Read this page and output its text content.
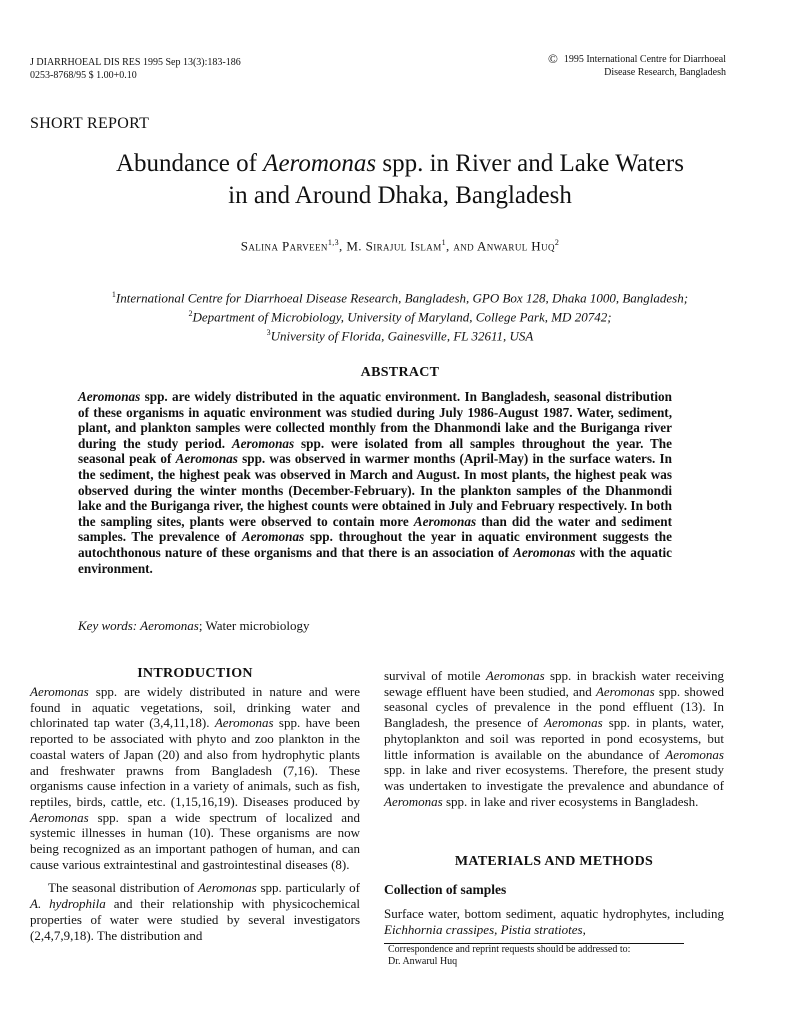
J DIARRHOEAL DIS RES 1995 Sep 13(3):183-186
0253-8768/95 $ 1.00+0.10
© 1995 International Centre for Diarrhoeal
Disease Research, Bangladesh
SHORT REPORT
Abundance of Aeromonas spp. in River and Lake Waters
in and Around Dhaka, Bangladesh
Salina Parveen$^{1,3}$, M. Sirajul Islam$^1$, and Anwarul Huq$^2$
$^1$International Centre for Diarrhoeal Disease Research, Bangladesh, GPO Box 128, Dhaka 1000, Bangladesh;
$^2$Department of Microbiology, University of Maryland, College Park, MD 20742;
$^3$University of Florida, Gainesville, FL 32611, USA
ABSTRACT
Aeromonas spp. are widely distributed in the aquatic environment. In Bangladesh, seasonal distribution of these organisms in aquatic environment was studied during July 1986-August 1987. Water, sediment, plant, and plankton samples were collected monthly from the Dhanmondi lake and the Buriganga river during the study period. Aeromonas spp. were isolated from all samples throughout the year. The seasonal peak of Aeromonas spp. was observed in warmer months (April-May) in the surface waters. In the sediment, the highest peak was observed in March and August. In most plants, the highest peak was observed during the winter months (December-February). In the plankton samples of the Dhanmondi lake and the Buriganga river, the highest counts were obtained in July and February respectively. In both the sampling sites, plants were observed to contain more Aeromonas than did the water and sediment samples. The prevalence of Aeromonas spp. throughout the year in aquatic environment suggests the autochthonous nature of these organisms and that there is an association of Aeromonas with the aquatic environment.
Key words: Aeromonas; Water microbiology
INTRODUCTION

Aeromonas spp. are widely distributed in nature and were found in aquatic vegetations, soil, drinking water and chlorinated tap water (3,4,11,18). Aeromonas spp. have been reported to be associated with phyto and zoo plankton in the coastal waters of Japan (20) and also from hydrophytic plants and freshwater prawns from Bangladesh (7,16). These organisms cause infection in a variety of animals, such as fish, reptiles, birds, cattle, etc. (1,15,16,19). Diseases produced by Aeromonas spp. span a wide spectrum of localized and systemic illnesses in human (10). These organisms are now being recognized as an important pathogen of human, and can cause various extraintestinal and gastrointestinal diseases (8).

The seasonal distribution of Aeromonas spp. particularly of A. hydrophila and their relationship with physicochemical properties of water were studied by several investigators (2,4,7,9,18). The distribution and

survival of motile Aeromonas spp. in brackish water receiving sewage effluent have been studied, and Aeromonas spp. showed seasonal cycles of prevalence in the pond effluent (13). In Bangladesh, the presence of Aeromonas spp. in plants, water, phytoplankton and soil was reported in pond ecosystems, but little information is available on the abundance of Aeromonas spp. in lake and river ecosystems. Therefore, the present study was undertaken to investigate the prevalence and abundance of Aeromonas spp. in lake and river ecosystems in Bangladesh.

MATERIALS AND METHODS
Collection of samples

Surface water, bottom sediment, aquatic hydrophytes, including Eichhornia crassipes, Pistia stratiotes,

Correspondence and reprint requests should be addressed to:
Dr. Anwarul Huq
